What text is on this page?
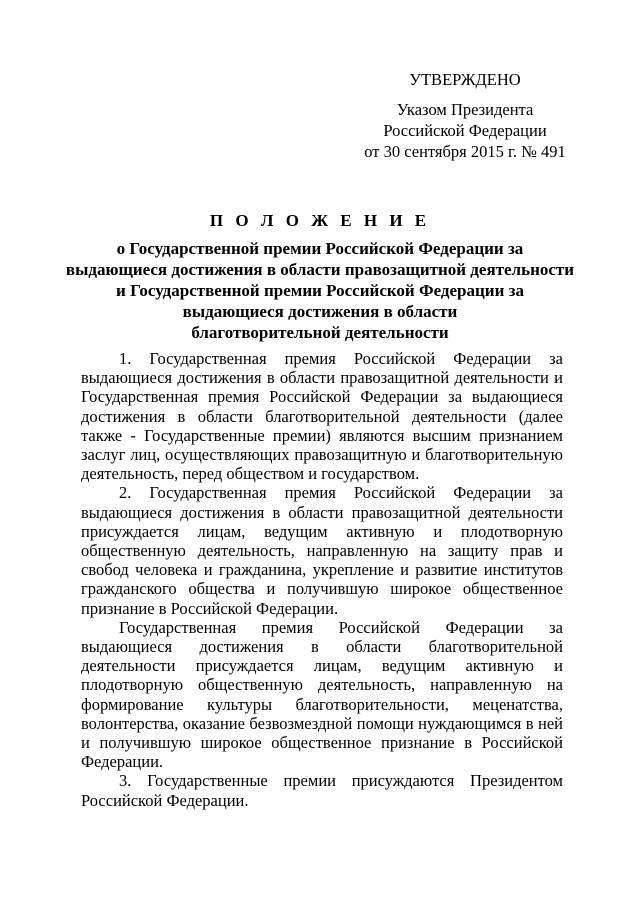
УТВЕРЖДЕНО
Указом Президента
Российской Федерации
от 30 сентября 2015 г. № 491
П О Л О Ж Е Н И Е
о Государственной премии Российской Федерации за
выдающиеся достижения в области правозащитной деятельности
и Государственной премии Российской Федерации за
выдающиеся достижения в области
благотворительной деятельности

1. Государственная премия Российской Федерации за выдающиеся достижения в области правозащитной деятельности и Государственная премия Российской Федерации за выдающиеся достижения в области благотворительной деятельности (далее также - Государственные премии) являются высшим признанием заслуг лиц, осуществляющих правозащитную и благотворительную деятельность, перед обществом и государством.

2. Государственная премия Российской Федерации за выдающиеся достижения в области правозащитной деятельности присуждается лицам, ведущим активную и плодотворную общественную деятельность, направленную на защиту прав и свобод человека и гражданина, укрепление и развитие институтов гражданского общества и получившую широкое общественное признание в Российской Федерации.

Государственная премия Российской Федерации за выдающиеся достижения в области благотворительной деятельности присуждается лицам, ведущим активную и плодотворную общественную деятельность, направленную на формирование культуры благотворительности, меценатства, волонтерства, оказание безвозмездной помощи нуждающимся в ней и получившую широкое общественное признание в Российской Федерации.

3. Государственные премии присуждаются Президентом Российской Федерации.
